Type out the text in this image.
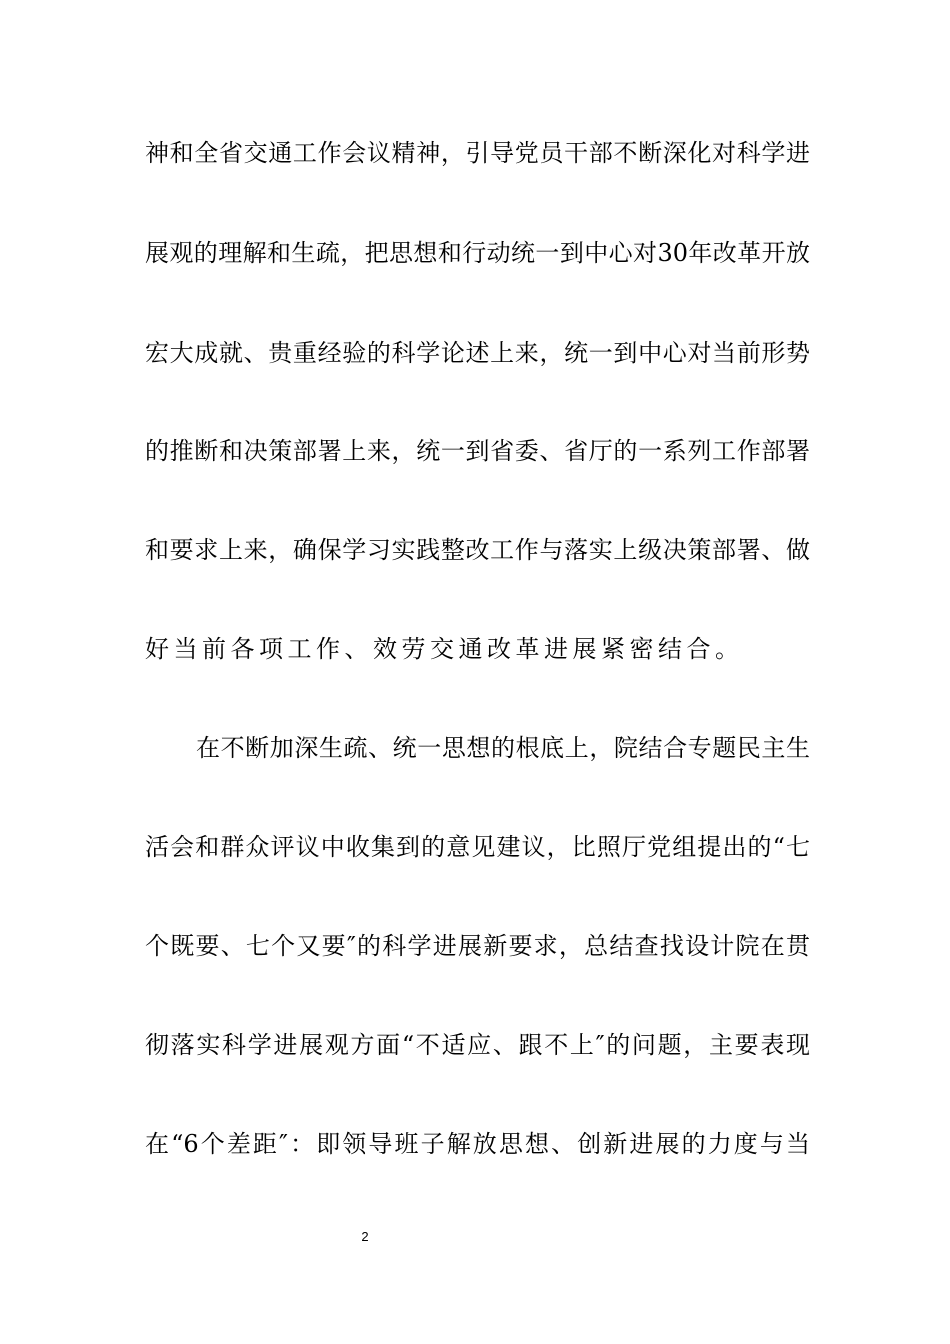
神和全省交通工作会议精神，引导党员干部不断深化对科学进
展观的理解和生疏，把思想和行动统一到中心对30年改革开放
宏大成就、贵重经验的科学论述上来，统一到中心对当前形势
的推断和决策部署上来，统一到省委、省厅的一系列工作部署
和要求上来，确保学习实践整改工作与落实上级决策部署、做
好当前各项工作、效劳交通改革进展紧密结合。
在不断加深生疏、统一思想的根底上，院结合专题民主生
活会和群众评议中收集到的意见建议，比照厅党组提出的“七
个既要、七个又要″的科学进展新要求，总结查找设计院在贯
彻落实科学进展观方面“不适应、跟不上″的问题，主要表现
在“6个差距″：即领导班子解放思想、创新进展的力度与当
2
